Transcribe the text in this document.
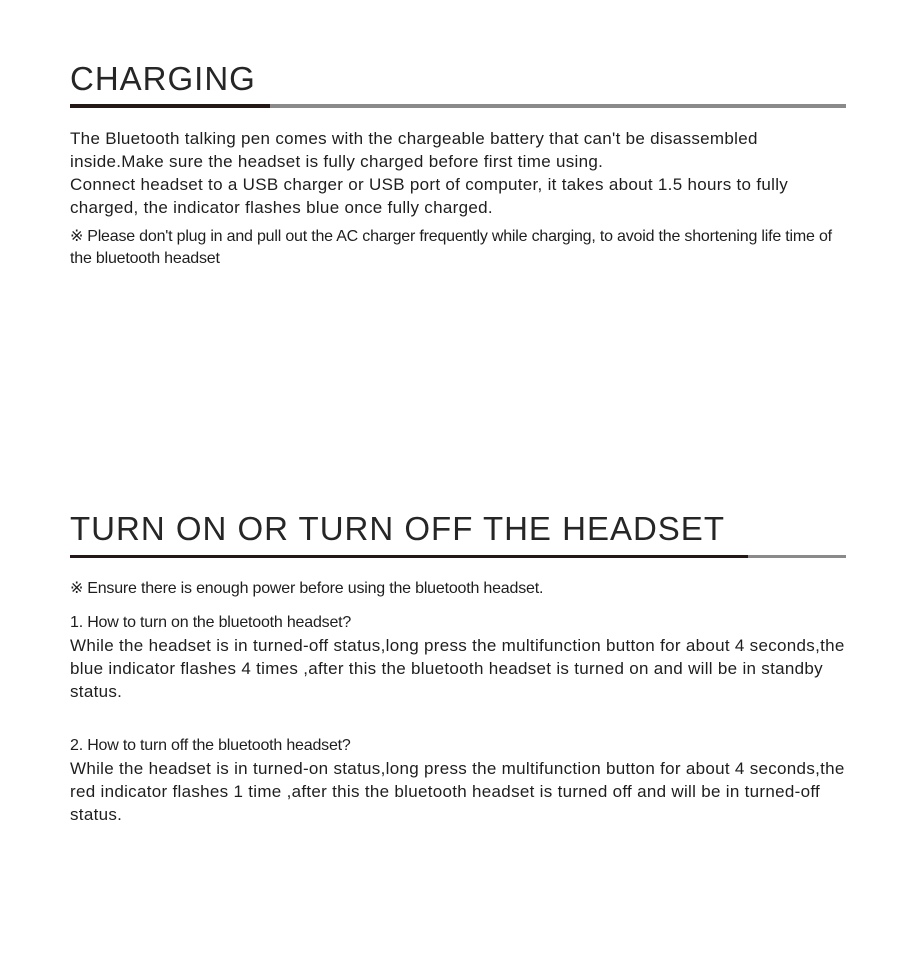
CHARGING

The Bluetooth talking pen comes with the chargeable battery that can't be disassembled inside.Make sure the headset is fully charged before first time using.

Connect headset to a USB charger or USB port of computer, it takes about 1.5 hours to fully charged, the indicator flashes blue once fully charged.

※ Please don't plug in and pull out the AC charger frequently while charging, to avoid the shortening life time of the bluetooth headset

TURN ON OR TURN OFF THE HEADSET

※ Ensure there is enough power before using the bluetooth headset.

1. How to turn on the bluetooth headset?

While the headset is in turned-off status,long press the multifunction button for about 4 seconds,the blue indicator flashes 4 times ,after this the bluetooth headset is turned on and will be in standby status.

2. How to turn off the bluetooth headset?

While the headset is in turned-on status,long press the multifunction button for about 4 seconds,the red indicator flashes 1 time ,after this the bluetooth headset is turned off and will be in turned-off status.
